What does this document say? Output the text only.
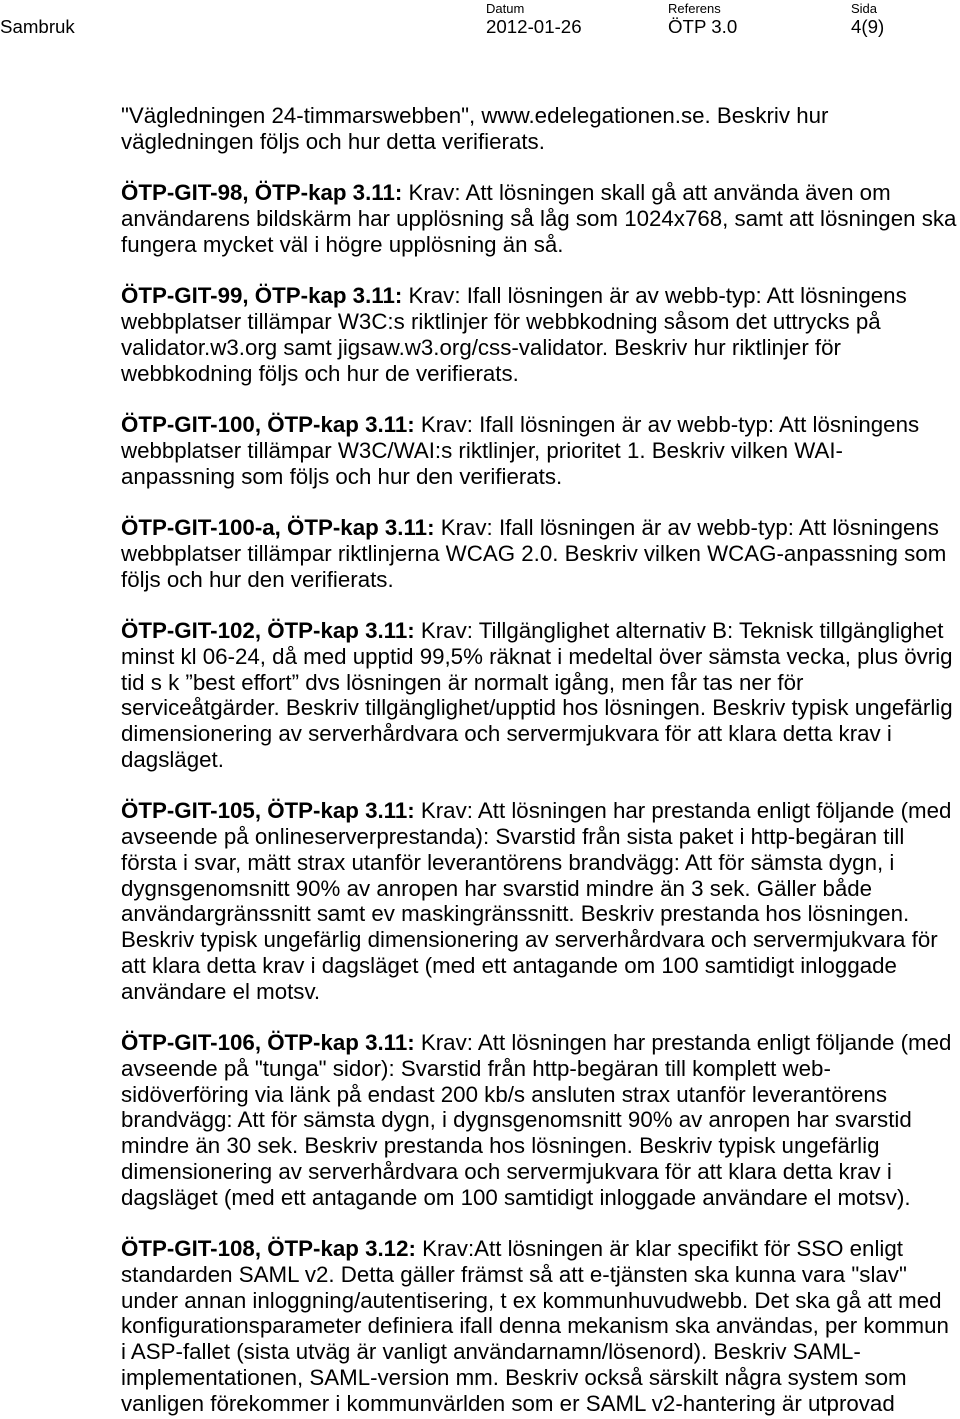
Sambruk
Datum
2012-01-26
Referens
ÖTP 3.0
Sida
4(9)
"Vägledningen 24-timmarswebben", www.edelegationen.se. Beskriv hur
vägledningen följs och hur detta verifierats.
ÖTP-GIT-98, ÖTP-kap 3.11: Krav: Att lösningen skall gå att använda även om
användarens bildskärm har upplösning så låg som 1024x768, samt att lösningen ska
fungera mycket väl i högre upplösning än så.
ÖTP-GIT-99, ÖTP-kap 3.11: Krav: Ifall lösningen är av webb-typ: Att lösningens
webbplatser tillämpar W3C:s riktlinjer för webbkodning såsom det uttrycks på
validator.w3.org samt jigsaw.w3.org/css-validator. Beskriv hur riktlinjer för
webbkodning följs och hur de verifierats.
ÖTP-GIT-100, ÖTP-kap 3.11: Krav: Ifall lösningen är av webb-typ: Att lösningens
webbplatser tillämpar W3C/WAI:s riktlinjer, prioritet 1. Beskriv vilken WAI-
anpassning som följs och hur den verifierats.
ÖTP-GIT-100-a, ÖTP-kap 3.11: Krav: Ifall lösningen är av webb-typ: Att lösningens
webbplatser tillämpar riktlinjerna WCAG 2.0. Beskriv vilken WCAG-anpassning som
följs och hur den verifierats.
ÖTP-GIT-102, ÖTP-kap 3.11: Krav: Tillgänglighet alternativ B: Teknisk tillgänglighet
minst kl 06-24, då med upptid 99,5% räknat i medeltal över sämsta vecka, plus övrig
tid s k ”best effort” dvs lösningen är normalt igång, men får tas ner för
serviceåtgärder. Beskriv tillgänglighet/upptid hos lösningen. Beskriv typisk ungefärlig
dimensionering av serverhårdvara och servermjukvara för att klara detta krav i
dagsläget.
ÖTP-GIT-105, ÖTP-kap 3.11: Krav: Att lösningen har prestanda enligt följande (med
avseende på onlineserverprestanda): Svarstid från sista paket i http-begäran till
första i svar, mätt strax utanför leverantörens brandvägg: Att för sämsta dygn, i
dygnsgenomsnitt 90% av anropen har svarstid mindre än 3 sek. Gäller både
användargränssnitt samt ev maskingränssnitt. Beskriv prestanda hos lösningen.
Beskriv typisk ungefärlig dimensionering av serverhårdvara och servermjukvara för
att klara detta krav i dagsläget (med ett antagande om 100 samtidigt inloggade
användare el motsv.
ÖTP-GIT-106, ÖTP-kap 3.11: Krav: Att lösningen har prestanda enligt följande (med
avseende på "tunga" sidor): Svarstid från http-begäran till komplett web-
sidöverföring via länk på endast 200 kb/s ansluten strax utanför leverantörens
brandvägg: Att för sämsta dygn, i dygnsgenomsnitt 90% av anropen har svarstid
mindre än 30 sek. Beskriv prestanda hos lösningen. Beskriv typisk ungefärlig
dimensionering av serverhårdvara och servermjukvara för att klara detta krav i
dagsläget (med ett antagande om 100 samtidigt inloggade användare el motsv).
ÖTP-GIT-108, ÖTP-kap 3.12: Krav:Att lösningen är klar specifikt för SSO enligt
standarden SAML v2. Detta gäller främst så att e-tjänsten ska kunna vara "slav"
under annan inloggning/autentisering, t ex kommunhuvudwebb. Det ska gå att med
konfigurationsparameter definiera ifall denna mekanism ska användas, per kommun
i ASP-fallet (sista utväg är vanligt användarnamn/lösenord). Beskriv SAML-
implementationen, SAML-version mm. Beskriv också särskilt några system som
vanligen förekommer i kommunvärlden som er SAML v2-hantering är utprovad
